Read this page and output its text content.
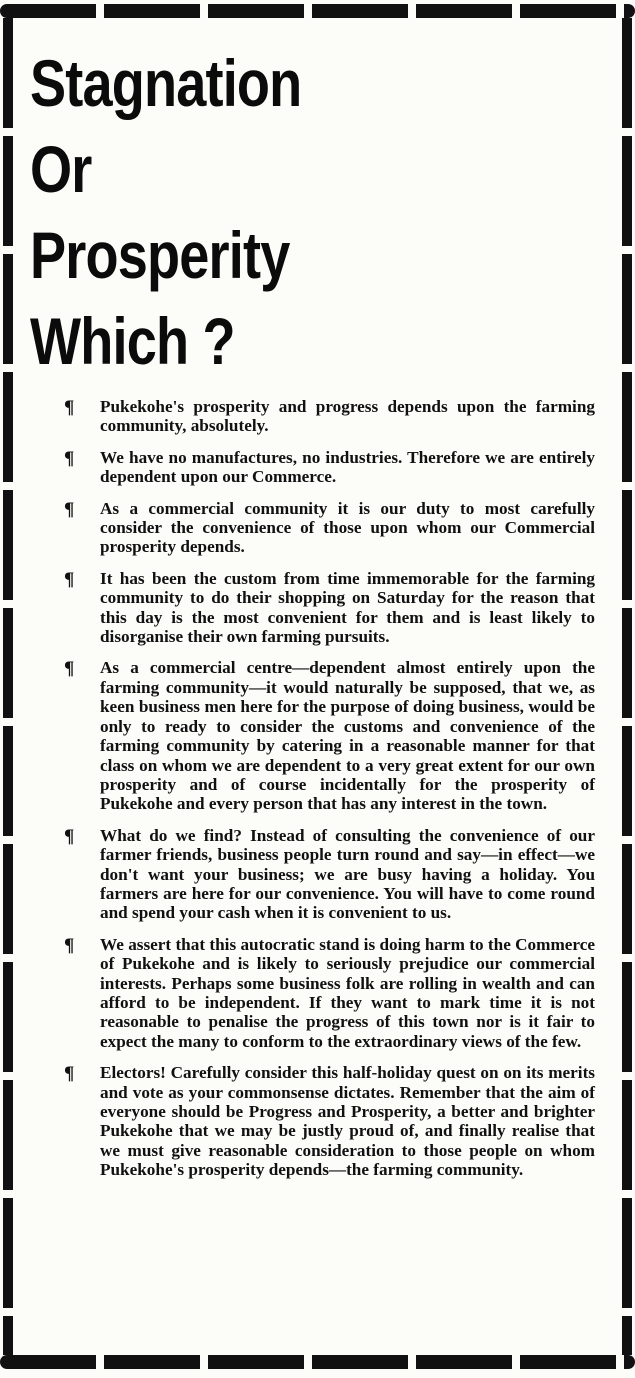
Stagnation
Or
Prosperity
Which ?
¶ Pukekohe's prosperity and progress depends upon the farming community, absolutely.
¶ We have no manufactures, no industries. Therefore we are entirely dependent upon our Commerce.
¶ As a commercial community it is our duty to most carefully consider the convenience of those upon whom our Commercial prosperity depends.
¶ It has been the custom from time immemorable for the farming community to do their shopping on Saturday for the reason that this day is the most convenient for them and is least likely to disorganise their own farming pursuits.
¶ As a commercial centre—dependent almost entirely upon the farming community—it would naturally be supposed, that we, as keen business men here for the purpose of doing business, would be only to ready to consider the customs and convenience of the farming community by catering in a reasonable manner for that class on whom we are dependent to a very great extent for our own prosperity and of course incidentally for the prosperity of Pukekohe and every person that has any interest in the town.
¶ What do we find? Instead of consulting the convenience of our farmer friends, business people turn round and say—in effect—we don't want your business; we are busy having a holiday. You farmers are here for our convenience. You will have to come round and spend your cash when it is convenient to us.
¶ We assert that this autocratic stand is doing harm to the Commerce of Pukekohe and is likely to seriously prejudice our commercial interests. Perhaps some business folk are rolling in wealth and can afford to be independent. If they want to mark time it is not reasonable to penalise the progress of this town nor is it fair to expect the many to conform to the extraordinary views of the few.
¶ Electors! Carefully consider this half-holiday quest on on its merits and vote as your commonsense dictates. Remember that the aim of everyone should be Progress and Prosperity, a better and brighter Pukekohe that we may be justly proud of, and finally realise that we must give reasonable consideration to those people on whom Pukekohe's prosperity depends—the farming community.
